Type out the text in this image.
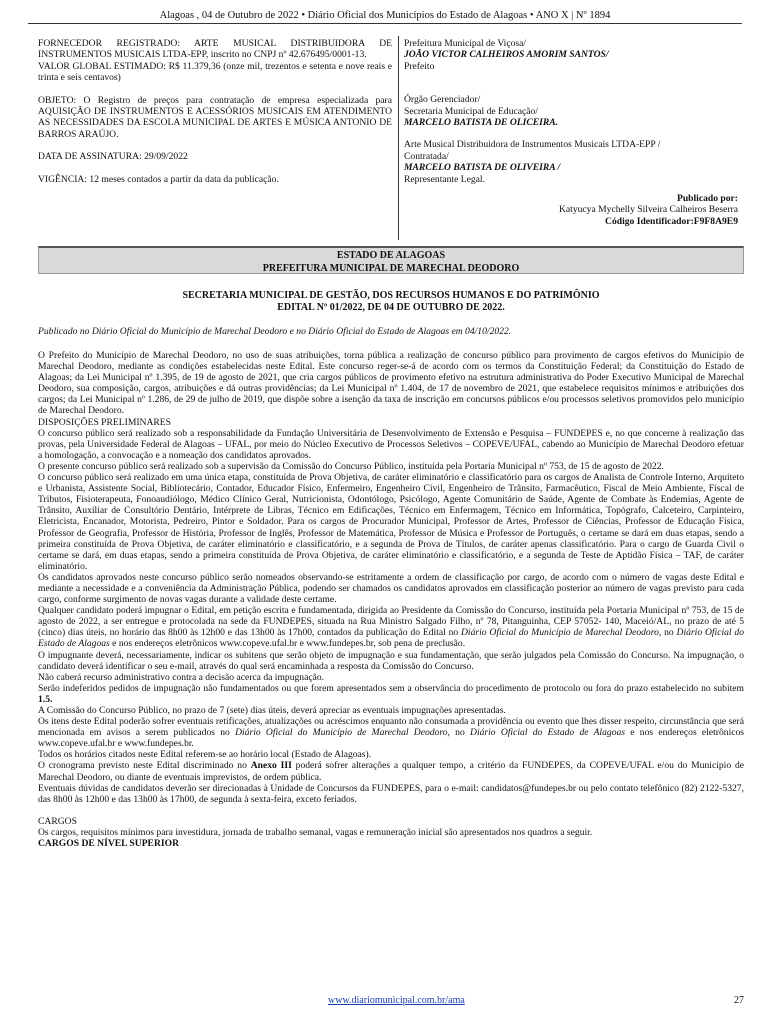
Alagoas , 04 de Outubro de 2022 • Diário Oficial dos Municípios do Estado de Alagoas • ANO X | Nº 1894

FORNECEDOR REGISTRADO: ARTE MUSICAL DISTRIBUIDORA DE INSTRUMENTOS MUSICAIS LTDA-EPP, inscrito no CNPJ nº 42.676495/0001-13.

VALOR GLOBAL ESTIMADO: R$ 11.379,36 (onze mil, trezentos e setenta e nove reais e trinta e seis centavos)

OBJETO: O Registro de preços para contratação de empresa especializada para AQUISIÇÃO DE INSTRUMENTOS E ACESSÓRIOS MUSICAIS EM ATENDIMENTO AS NECESSIDADES DA ESCOLA MUNICIPAL DE ARTES E MÚSICA ANTONIO DE BARROS ARAÚJO.

DATA DE ASSINATURA: 29/09/2022

VIGÊNCIA: 12 meses contados a partir da data da publicação.

Prefeitura Municipal de Viçosa/

JOÃO VICTOR CALHEIROS AMORIM SANTOS/

Prefeito

Órgão Gerenciador/

Secretaria Municipal de Educação/

MARCELO BATISTA DE OLICEIRA.

Arte Musical Distribuidora de Instrumentos Musicais LTDA-EPP /

Contratada/

MARCELO BATISTA DE OLIVEIRA /

Representante Legal.

Publicado por:
Katyucya Mychelly Silveira Calheiros Beserra
Código Identificador:F9F8A9E9
ESTADO DE ALAGOAS
PREFEITURA MUNICIPAL DE MARECHAL DEODORO
SECRETARIA MUNICIPAL DE GESTÃO, DOS RECURSOS HUMANOS E DO PATRIMÔNIO
EDITAL Nº 01/2022, DE 04 DE OUTUBRO DE 2022.
Publicado no Diário Oficial do Município de Marechal Deodoro e no Diário Oficial do Estado de Alagoas em 04/10/2022.

O Prefeito do Município de Marechal Deodoro, no uso de suas atribuições, torna pública a realização de concurso público para provimento de cargos efetivos do Município de Marechal Deodoro, mediante as condições estabelecidas neste Edital. Este concurso reger-se-á de acordo com os termos da Constituição Federal; da Constituição do Estado de Alagoas; da Lei Municipal nº 1.395, de 19 de agosto de 2021, que cria cargos públicos de provimento efetivo na estrutura administrativa do Poder Executivo Municipal de Marechal Deodoro, sua composição, cargos, atribuições e dá outras providências; da Lei Municipal nº 1.404, de 17 de novembro de 2021, que estabelece requisitos mínimos e atribuições dos cargos; da Lei Municipal nº 1.286, de 29 de julho de 2019, que dispõe sobre a isenção da taxa de inscrição em concursos públicos e/ou processos seletivos promovidos pelo município de Marechal Deodoro.

DISPOSIÇÕES PRELIMINARES

O concurso público será realizado sob a responsabilidade da Fundação Universitária de Desenvolvimento de Extensão e Pesquisa – FUNDEPES e, no que concerne à realização das provas, pela Universidade Federal de Alagoas – UFAL, por meio do Núcleo Executivo de Processos Seletivos – COPEVE/UFAL, cabendo ao Município de Marechal Deodoro efetuar a homologação, a convocação e a nomeação dos candidatos aprovados.

O presente concurso público será realizado sob a supervisão da Comissão do Concurso Público, instituída pela Portaria Municipal nº 753, de 15 de agosto de 2022.

O concurso público será realizado em uma única etapa, constituída de Prova Objetiva, de caráter eliminatório e classificatório para os cargos de Analista de Controle Interno, Arquiteto e Urbanista, Assistente Social, Bibliotecário, Contador, Educador Físico, Enfermeiro, Engenheiro Civil, Engenheiro de Trânsito, Farmacêutico, Fiscal de Meio Ambiente, Fiscal de Tributos, Fisioterapeuta, Fonoaudiólogo, Médico Clínico Geral, Nutricionista, Odontólogo, Psicólogo, Agente Comunitário de Saúde, Agente de Combate às Endemias, Agente de Trânsito, Auxiliar de Consultório Dentário, Intérprete de Libras, Técnico em Edificações, Técnico em Enfermagem, Técnico em Informática, Topógrafo, Calceteiro, Carpinteiro, Eletricista, Encanador, Motorista, Pedreiro, Pintor e Soldador. Para os cargos de Procurador Municipal, Professor de Artes, Professor de Ciências, Professor de Educação Física, Professor de Geografia, Professor de História, Professor de Inglês, Professor de Matemática, Professor de Música e Professor de Português, o certame se dará em duas etapas, sendo a primeira constituída de Prova Objetiva, de caráter eliminatório e classificatório, e a segunda de Prova de Títulos, de caráter apenas classificatório. Para o cargo de Guarda Civil o certame se dará, em duas etapas, sendo a primeira constituída de Prova Objetiva, de caráter eliminatório e classificatório, e a segunda de Teste de Aptidão Física – TAF, de caráter eliminatório.

Os candidatos aprovados neste concurso público serão nomeados observando-se estritamente a ordem de classificação por cargo, de acordo com o número de vagas deste Edital e mediante a necessidade e a conveniência da Administração Pública, podendo ser chamados os candidatos aprovados em classificação posterior ao número de vagas previsto para cada cargo, conforme surgimento de novas vagas durante a validade deste certame.

Qualquer candidato poderá impugnar o Edital, em petição escrita e fundamentada, dirigida ao Presidente da Comissão do Concurso, instituída pela Portaria Municipal nº 753, de 15 de agosto de 2022, a ser entregue e protocolada na sede da FUNDEPES, situada na Rua Ministro Salgado Filho, nº 78, Pitanguinha, CEP 57052- 140, Maceió/AL, no prazo de até 5 (cinco) dias úteis, no horário das 8h00 às 12h00 e das 13h00 às 17h00, contados da publicação do Edital no Diário Oficial do Município de Marechal Deodoro, no Diário Oficial do Estado de Alagoas e nos endereços eletrônicos www.copeve.ufal.br e www.fundepes.br, sob pena de preclusão.

O impugnante deverá, necessariamente, indicar os subitens que serão objeto de impugnação e sua fundamentação, que serão julgados pela Comissão do Concurso. Na impugnação, o candidato deverá identificar o seu e-mail, através do qual será encaminhada a resposta da Comissão do Concurso.

Não caberá recurso administrativo contra a decisão acerca da impugnação.

Serão indeferidos pedidos de impugnação não fundamentados ou que forem apresentados sem a observância do procedimento de protocolo ou fora do prazo estabelecido no subitem 1.5.

A Comissão do Concurso Público, no prazo de 7 (sete) dias úteis, deverá apreciar as eventuais impugnações apresentadas.

Os itens deste Edital poderão sofrer eventuais retificações, atualizações ou acréscimos enquanto não consumada a providência ou evento que lhes disser respeito, circunstância que será mencionada em avisos a serem publicados no Diário Oficial do Município de Marechal Deodoro, no Diário Oficial do Estado de Alagoas e nos endereços eletrônicos www.copeve.ufal.br e www.fundepes.br.

Todos os horários citados neste Edital referem-se ao horário local (Estado de Alagoas).

O cronograma previsto neste Edital discriminado no Anexo III poderá sofrer alterações a qualquer tempo, a critério da FUNDEPES, da COPEVE/UFAL e/ou do Município de Marechal Deodoro, ou diante de eventuais imprevistos, de ordem pública.

Eventuais dúvidas de candidatos deverão ser direcionadas à Unidade de Concursos da FUNDEPES, para o e-mail: candidatos@fundepes.br ou pelo contato telefônico (82) 2122-5327, das 8h00 às 12h00 e das 13h00 às 17h00, de segunda à sexta-feira, exceto feriados.

CARGOS

Os cargos, requisitos mínimos para investidura, jornada de trabalho semanal, vagas e remuneração inicial são apresentados nos quadros a seguir.

CARGOS DE NÍVEL SUPERIOR

www.diariomunicipal.com.br/ama	27
